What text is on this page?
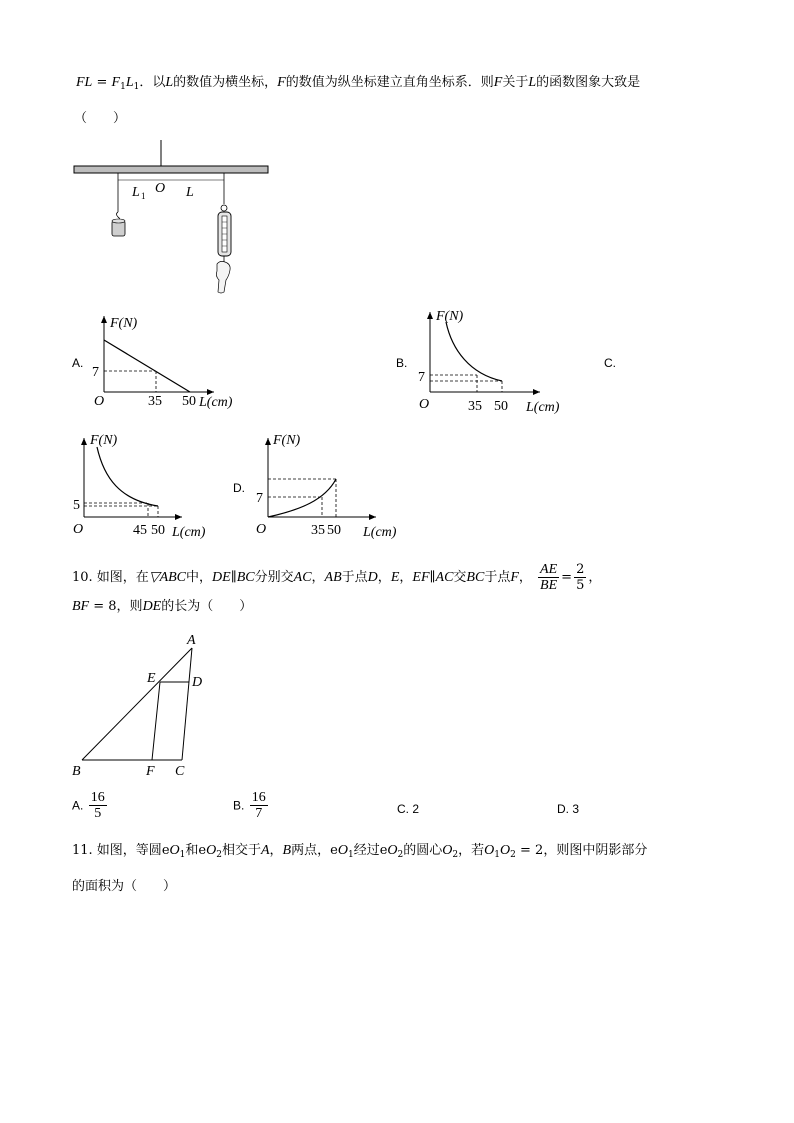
FL = $F_1L_1$．以L的数值为横坐标，F的数值为纵坐标建立直角坐标系．则F关于L的函数图象大致是
（　　）
L 1 O L
A.
F(N)
7
O	35 50 L(cm)
B.
F(N)
7
O	35 50 L(cm)
C.
F(N)
5
O	45 50 L(cm)
D.
F(N)
7
O	35 50 L(cm)
10. 如图，在▽ABC中，DE∥BC分别交AC，AB于点D，E，EF∥AC交BC于点F， $\frac{AE}{BE} = \frac{2}{5}$ ，
BF = 8，则DE的长为（　　）
A
E	D
B	F C
A. $\frac{16}{5}$	B. $\frac{16}{7}$	C. 2	D. 3
11. 如图，等圆$eO_1$和$eO_2$相交于A，B两点，$eO_1$经过$eO_2$的圆心$O_2$，若$O_1O_2 = 2$，则图中阴影部分
的面积为（　　）
